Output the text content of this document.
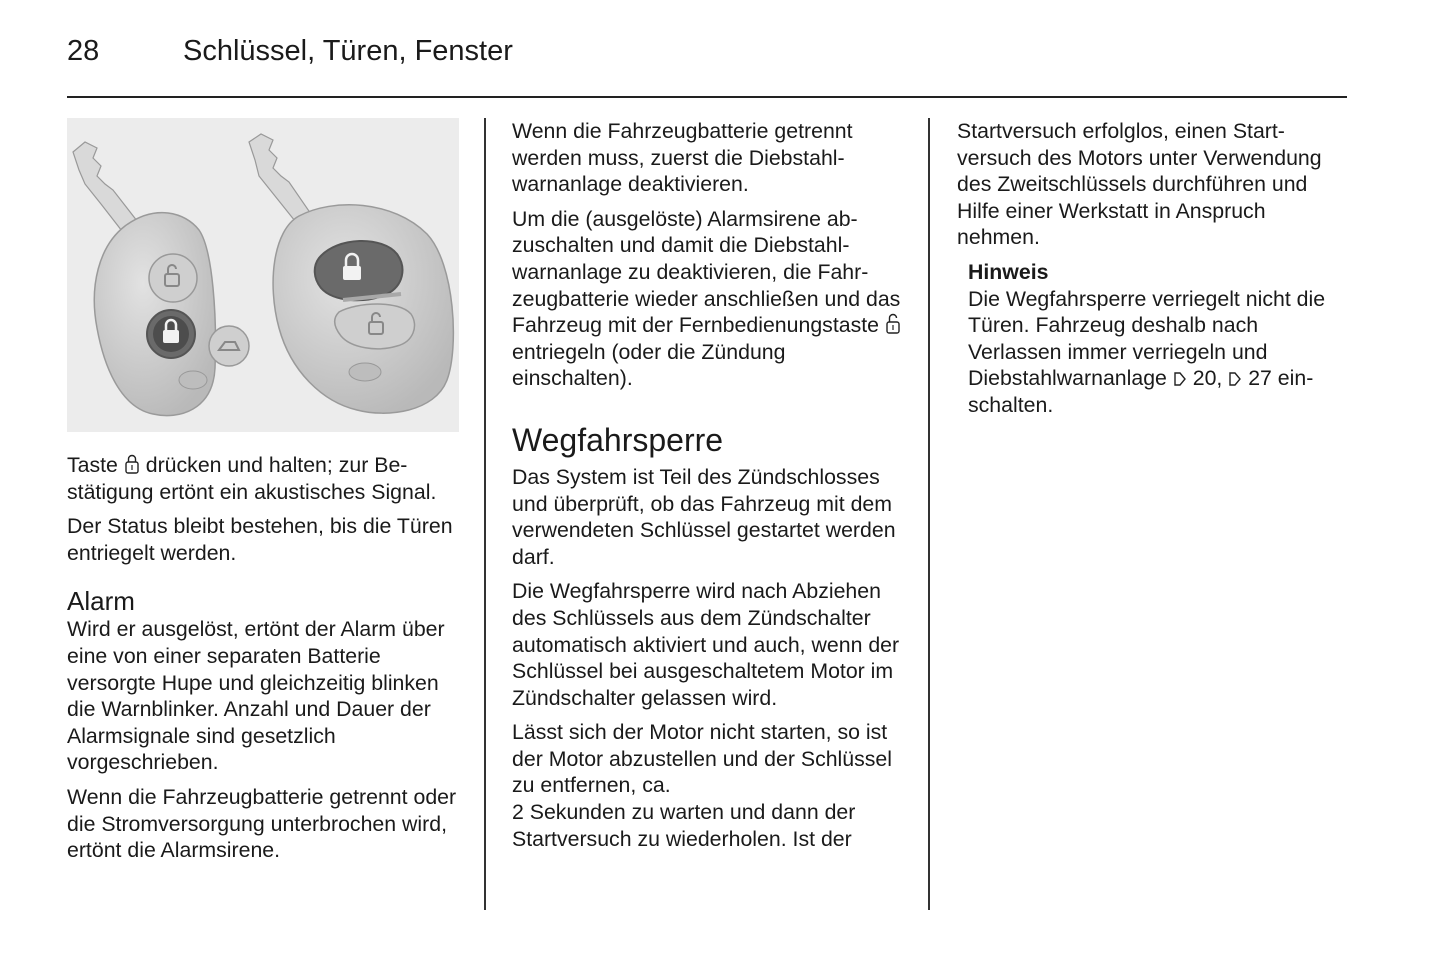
28	Schlüssel, Türen, Fenster

Taste  drücken und halten; zur Bestätigung ertönt ein akustisches Signal.

Der Status bleibt bestehen, bis die Türen entriegelt werden.

Alarm

Wird er ausgelöst, ertönt der Alarm über eine von einer separaten Batterie versorgte Hupe und gleichzeitig blinken die Warnblinker. Anzahl und Dauer der Alarmsignale sind gesetzlich vorgeschrieben.

Wenn die Fahrzeugbatterie getrennt oder die Stromversorgung unterbrochen wird, ertönt die Alarmsirene.

Wenn die Fahrzeugbatterie getrennt werden muss, zuerst die Diebstahlwarnanlage deaktivieren.

Um die (ausgelöste) Alarmsirene abzuschalten und damit die Diebstahlwarnanlage zu deaktivieren, die Fahrzeugbatterie wieder anschließen und das Fahrzeug mit der Fernbedienungstaste  entriegeln (oder die Zündung einschalten).

Wegfahrsperre

Das System ist Teil des Zündschlosses und überprüft, ob das Fahrzeug mit dem verwendeten Schlüssel gestartet werden darf.

Die Wegfahrsperre wird nach Abziehen des Schlüssels aus dem Zündschalter automatisch aktiviert und auch, wenn der Schlüssel bei ausgeschaltetem Motor im Zündschalter gelassen wird.

Lässt sich der Motor nicht starten, so ist der Motor abzustellen und der Schlüssel zu entfernen, ca.

2 Sekunden zu warten und dann der Startversuch zu wiederholen. Ist der

Startversuch erfolglos, einen Startversuch des Motors unter Verwendung des Zweitschlüssels durchführen und Hilfe einer Werkstatt in Anspruch nehmen.

Hinweis

Die Wegfahrsperre verriegelt nicht die Türen. Fahrzeug deshalb nach Verlassen immer verriegeln und Diebstahlwarnanlage  20,  27 einschalten.
